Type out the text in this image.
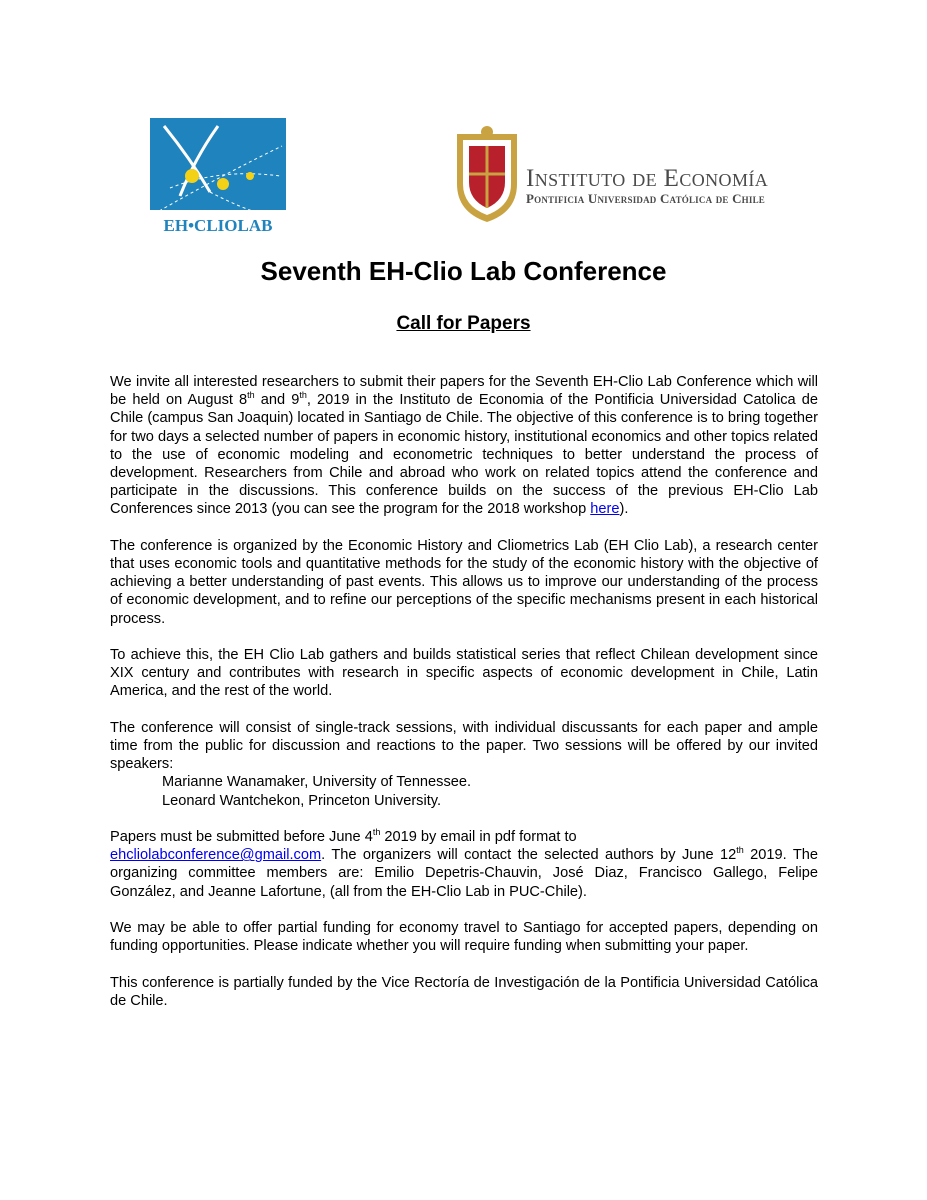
EH•CLIOLAB
Instituto de Economía
Pontificia Universidad Católica de Chile
Seventh EH-Clio Lab Conference
Call for Papers

We invite all interested researchers to submit their papers for the Seventh EH-Clio Lab Conference which will be held on August 8th and 9th, 2019 in the Instituto de Economia of the Pontificia Universidad Catolica de Chile (campus San Joaquin) located in Santiago de Chile. The objective of this conference is to bring together for two days a selected number of papers in economic history, institutional economics and other topics related to the use of economic modeling and econometric techniques to better understand the process of development. Researchers from Chile and abroad who work on related topics attend the conference and participate in the discussions. This conference builds on the success of the previous EH-Clio Lab Conferences since 2013 (you can see the program for the 2018 workshop here).

The conference is organized by the Economic History and Cliometrics Lab (EH Clio Lab), a research center that uses economic tools and quantitative methods for the study of the economic history with the objective of achieving a better understanding of past events. This allows us to improve our understanding of the process of economic development, and to refine our perceptions of the specific mechanisms present in each historical process.

To achieve this, the EH Clio Lab gathers and builds statistical series that reflect Chilean development since XIX century and contributes with research in specific aspects of economic development in Chile, Latin America, and the rest of the world.

The conference will consist of single-track sessions, with individual discussants for each paper and ample time from the public for discussion and reactions to the paper. Two sessions will be offered by our invited speakers:

Marianne Wanamaker, University of Tennessee.
Leonard Wantchekon, Princeton University.

Papers must be submitted before June 4th 2019 by email in pdf format to
ehcliolabconference@gmail.com. The organizers will contact the selected authors by June 12th 2019. The organizing committee members are: Emilio Depetris-Chauvin, José Diaz, Francisco Gallego, Felipe González, and Jeanne Lafortune, (all from the EH-Clio Lab in PUC-Chile).

We may be able to offer partial funding for economy travel to Santiago for accepted papers, depending on funding opportunities. Please indicate whether you will require funding when submitting your paper.

This conference is partially funded by the Vice Rectoría de Investigación de la Pontificia Universidad Católica de Chile.
